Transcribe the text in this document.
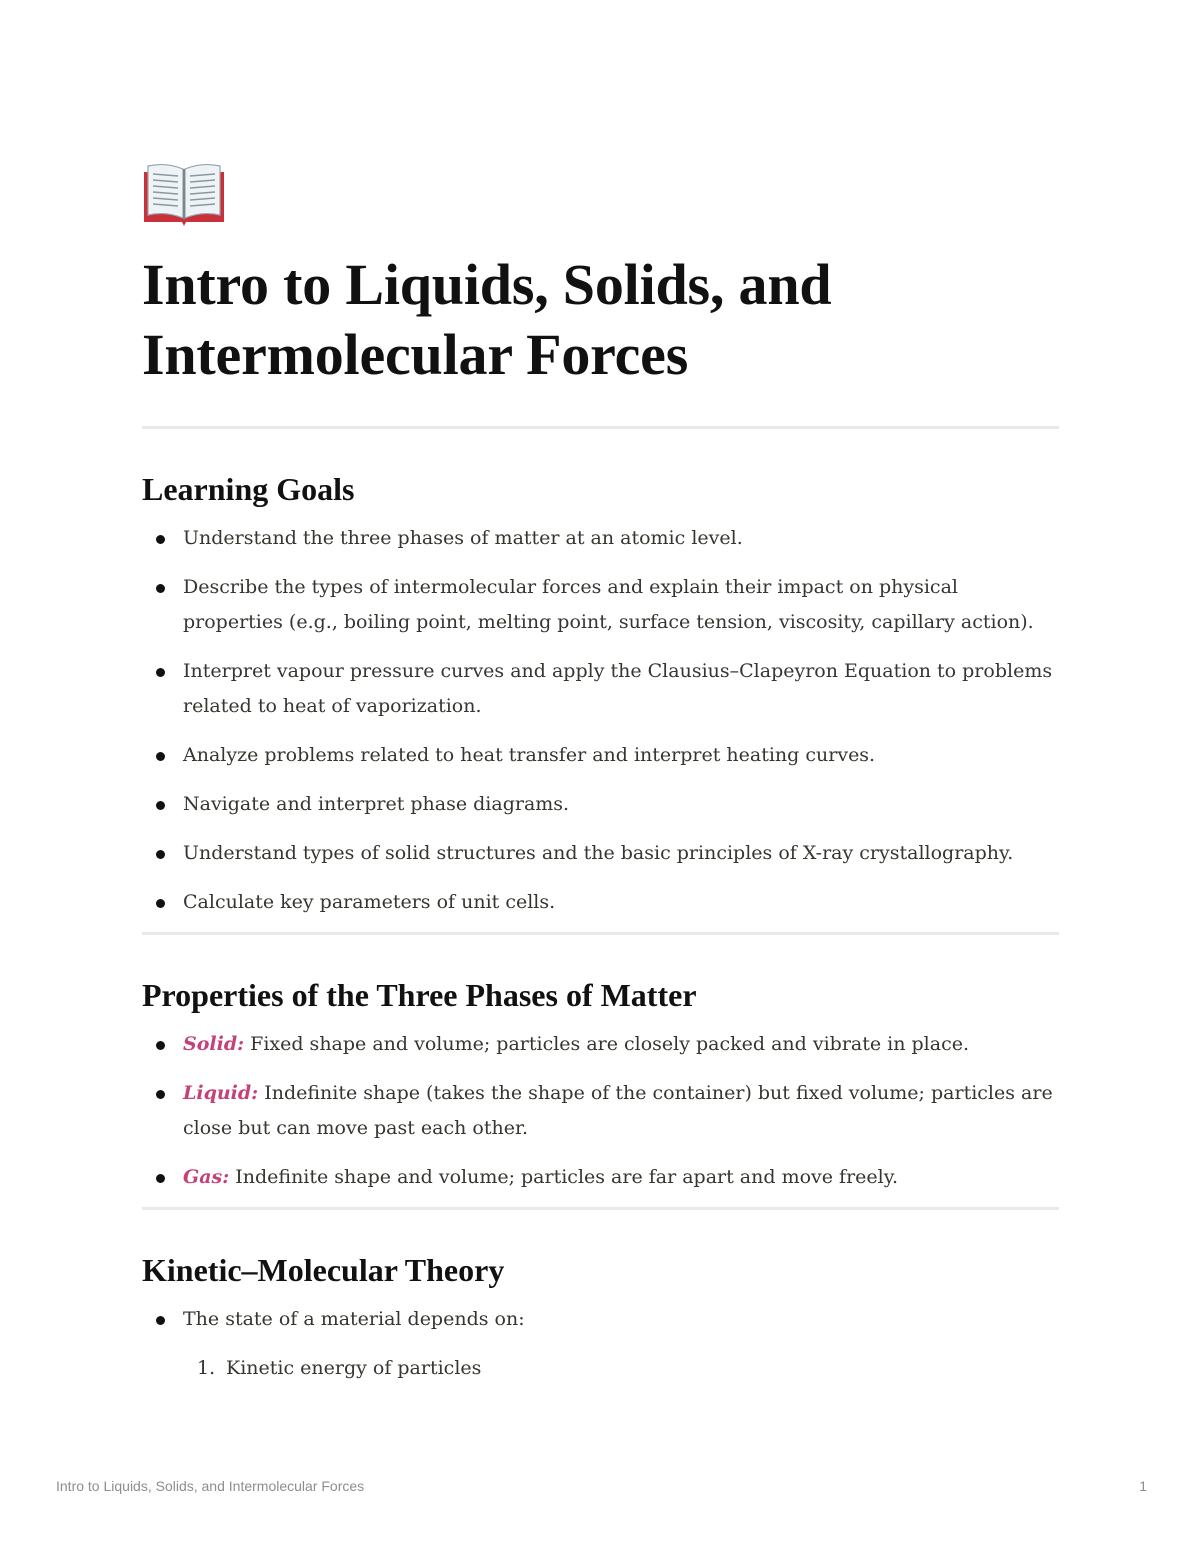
Intro to Liquids, Solids, and
Intermolecular Forces
Learning Goals
Understand the three phases of matter at an atomic level.
Describe the types of intermolecular forces and explain their impact on physical properties (e.g., boiling point, melting point, surface tension, viscosity, capillary action).
Interpret vapour pressure curves and apply the Clausius–Clapeyron Equation to problems related to heat of vaporization.
Analyze problems related to heat transfer and interpret heating curves.
Navigate and interpret phase diagrams.
Understand types of solid structures and the basic principles of X-ray crystallography.
Calculate key parameters of unit cells.
Properties of the Three Phases of Matter
Solid: Fixed shape and volume; particles are closely packed and vibrate in place.
Liquid: Indefinite shape (takes the shape of the container) but fixed volume; particles are close but can move past each other.
Gas: Indefinite shape and volume; particles are far apart and move freely.
Kinetic–Molecular Theory
The state of a material depends on:
1. Kinetic energy of particles
Intro to Liquids, Solids, and Intermolecular Forces	1
